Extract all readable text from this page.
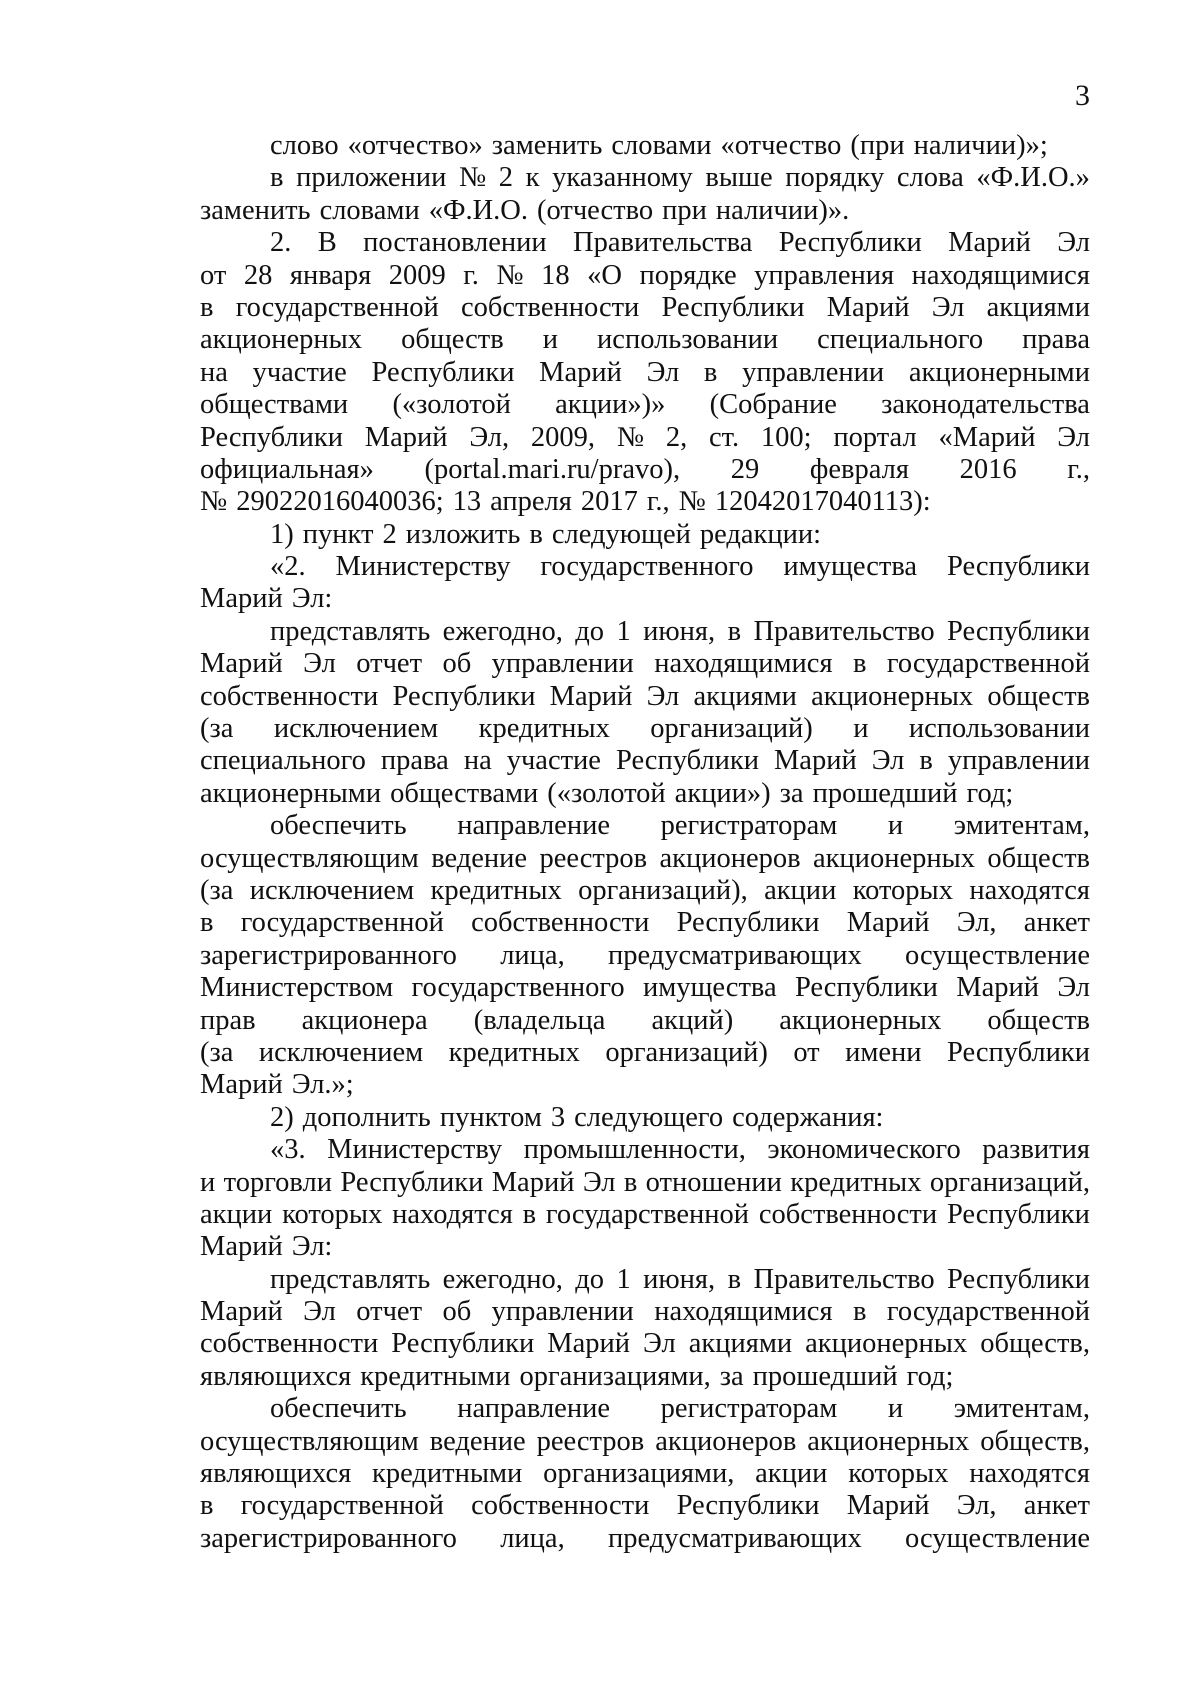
3
слово «отчество» заменить словами «отчество (при наличии)»;
в приложении № 2 к указанному выше порядку слова «Ф.И.О.»
заменить словами «Ф.И.О. (отчество при наличии)».
2. В постановлении Правительства Республики Марий Эл
от 28 января 2009 г. № 18 «О порядке управления находящимися
в государственной собственности Республики Марий Эл акциями
акционерных обществ и использовании специального права
на участие Республики Марий Эл в управлении акционерными
обществами («золотой акции»)» (Собрание законодательства
Республики Марий Эл, 2009, № 2, ст. 100; портал «Марий Эл
официальная» (portal.mari.ru/pravo), 29 февраля 2016 г.,
№ 29022016040036; 13 апреля 2017 г., № 12042017040113):
1) пункт 2 изложить в следующей редакции:
«2. Министерству государственного имущества Республики
Марий Эл:
представлять ежегодно, до 1 июня, в Правительство Республики
Марий Эл отчет об управлении находящимися в государственной
собственности Республики Марий Эл акциями акционерных обществ
(за исключением кредитных организаций) и использовании
специального права на участие Республики Марий Эл в управлении
акционерными обществами («золотой акции») за прошедший год;
обеспечить направление регистраторам и эмитентам,
осуществляющим ведение реестров акционеров акционерных обществ
(за исключением кредитных организаций), акции которых находятся
в государственной собственности Республики Марий Эл, анкет
зарегистрированного лица, предусматривающих осуществление
Министерством государственного имущества Республики Марий Эл
прав акционера (владельца акций) акционерных обществ
(за исключением кредитных организаций) от имени Республики
Марий Эл.»;
2) дополнить пунктом 3 следующего содержания:
«3. Министерству промышленности, экономического развития
и торговли Республики Марий Эл в отношении кредитных организаций,
акции которых находятся в государственной собственности Республики
Марий Эл:
представлять ежегодно, до 1 июня, в Правительство Республики
Марий Эл отчет об управлении находящимися в государственной
собственности Республики Марий Эл акциями акционерных обществ,
являющихся кредитными организациями, за прошедший год;
обеспечить направление регистраторам и эмитентам,
осуществляющим ведение реестров акционеров акционерных обществ,
являющихся кредитными организациями, акции которых находятся
в государственной собственности Республики Марий Эл, анкет
зарегистрированного лица, предусматривающих осуществление
